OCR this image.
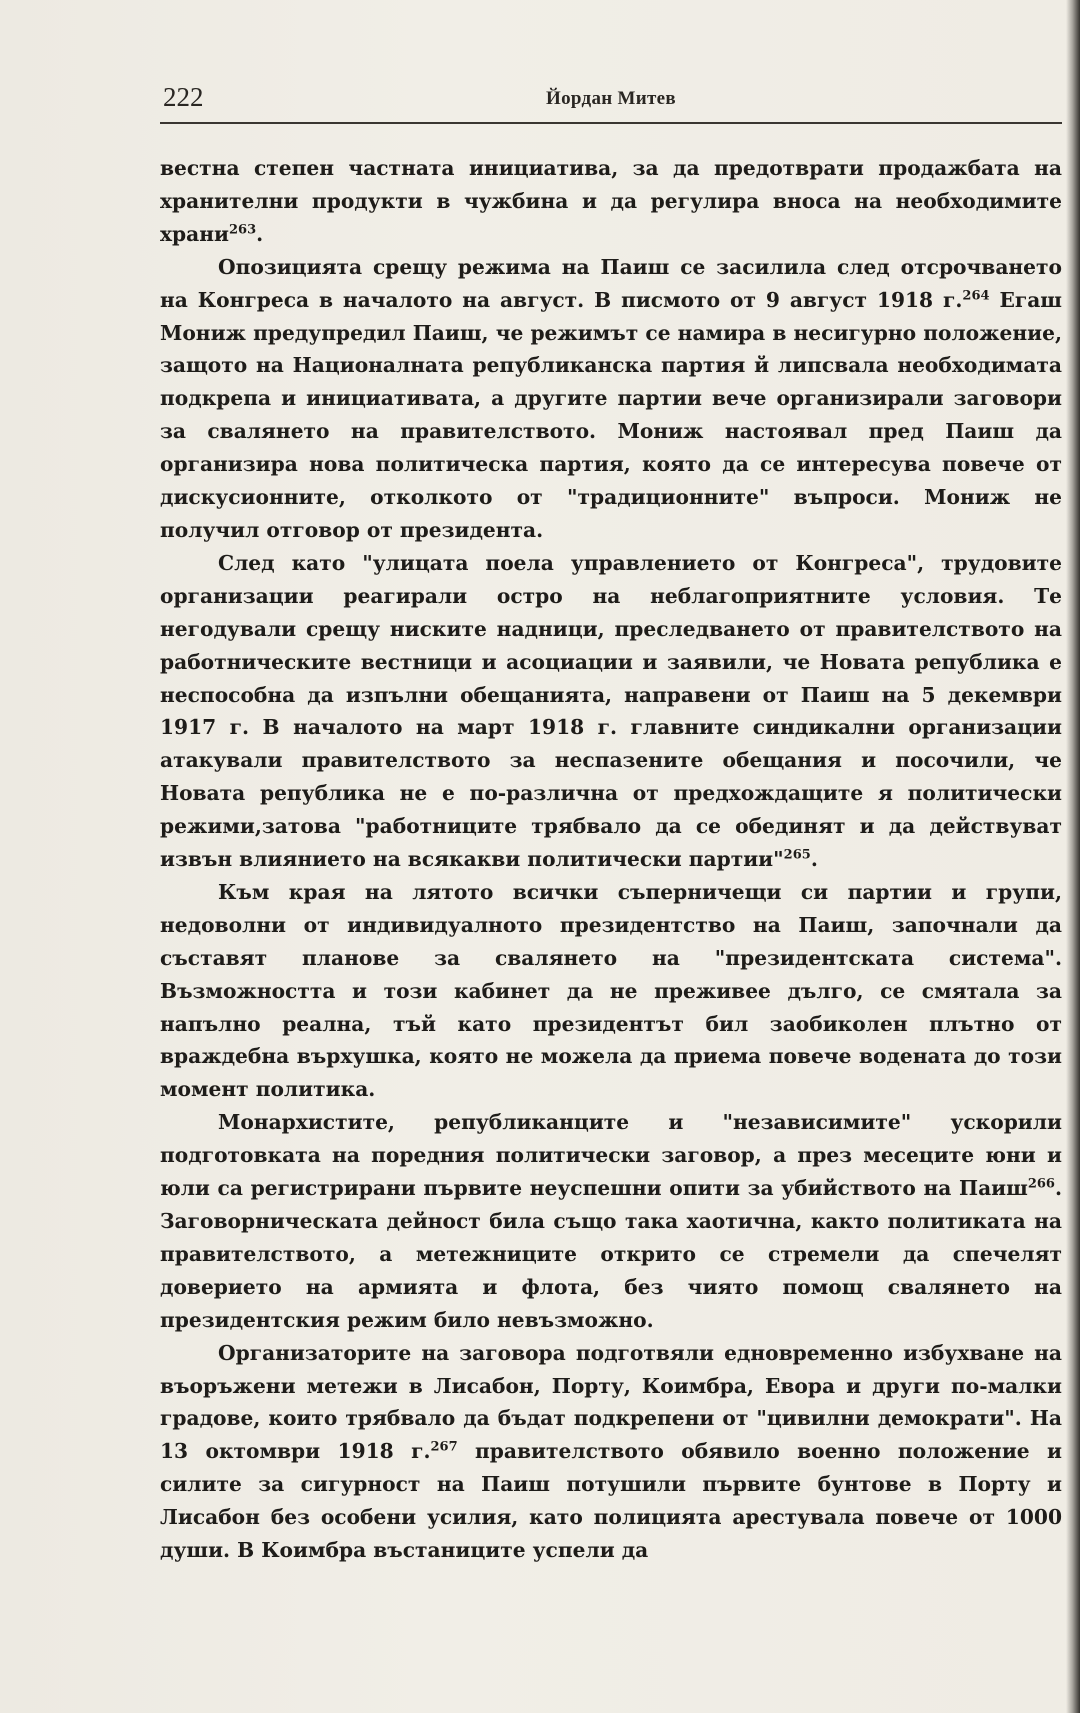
222	Йордан Митев

вестна степен частната инициатива, за да предотврати продажбата на хранителни продукти в чужбина и да регулира вноса на необходимите храни$^{263}$.

Опозицията срещу режима на Паиш се засилила след отсрочването на Конгреса в началото на август. В писмото от 9 август 1918 г.$^{264}$ Егаш Мониж предупредил Паиш, че режимът се намира в несигурно положение, защото на Националната републиканска партия й липсвала необходимата подкрепа и инициативата, а другите партии вече организирали заговори за свалянето на правителството. Мониж настоявал пред Паиш да организира нова политическа партия, която да се интересува повече от дискусионните, отколкото от "традиционните" въпроси. Мониж не получил отговор от президента.

След като "улицата поела управлението от Конгреса", трудовите организации реагирали остро на неблагоприятните условия. Те негодували срещу ниските надници, преследването от правителството на работническите вестници и асоциации и заявили, че Новата република е неспособна да изпълни обещанията, направени от Паиш на 5 декември 1917 г. В началото на март 1918 г. главните синдикални организации атакували правителството за неспазените обещания и посочили, че Новата република не е по-различна от предхождащите я политически режими,затова "работниците трябвало да се обединят и да действуват извън влиянието на всякакви политически партии"$^{265}$.

Към края на лятото всички съперничещи си партии и групи, недоволни от индивидуалното президентство на Паиш, започнали да съставят планове за свалянето на "президентската система". Възможността и този кабинет да не преживее дълго, се смятала за напълно реална, тъй като президентът бил заобиколен плътно от враждебна върхушка, която не можела да приема повече водената до този момент политика.

Монархистите, републиканците и "независимите" ускорили подготовката на поредния политически заговор, а през месеците юни и юли са регистрирани първите неуспешни опити за убийството на Паиш$^{266}$. Заговорническата дейност била също така хаотична, както политиката на правителството, а метежниците открито се стремели да спечелят доверието на армията и флота, без чиято помощ свалянето на президентския режим било невъзможно.

Организаторите на заговора подготвяли едновременно избухване на въоръжени метежи в Лисабон, Порту, Коимбра, Евора и други по-малки градове, които трябвало да бъдат подкрепени от "цивилни демократи". На 13 октомври 1918 г.$^{267}$ правителството обявило военно положение и силите за сигурност на Паиш потушили първите бунтове в Порту и Лисабон без особени усилия, като полицията арестувала повече от 1000 души. В Коимбра въстаниците успели да
